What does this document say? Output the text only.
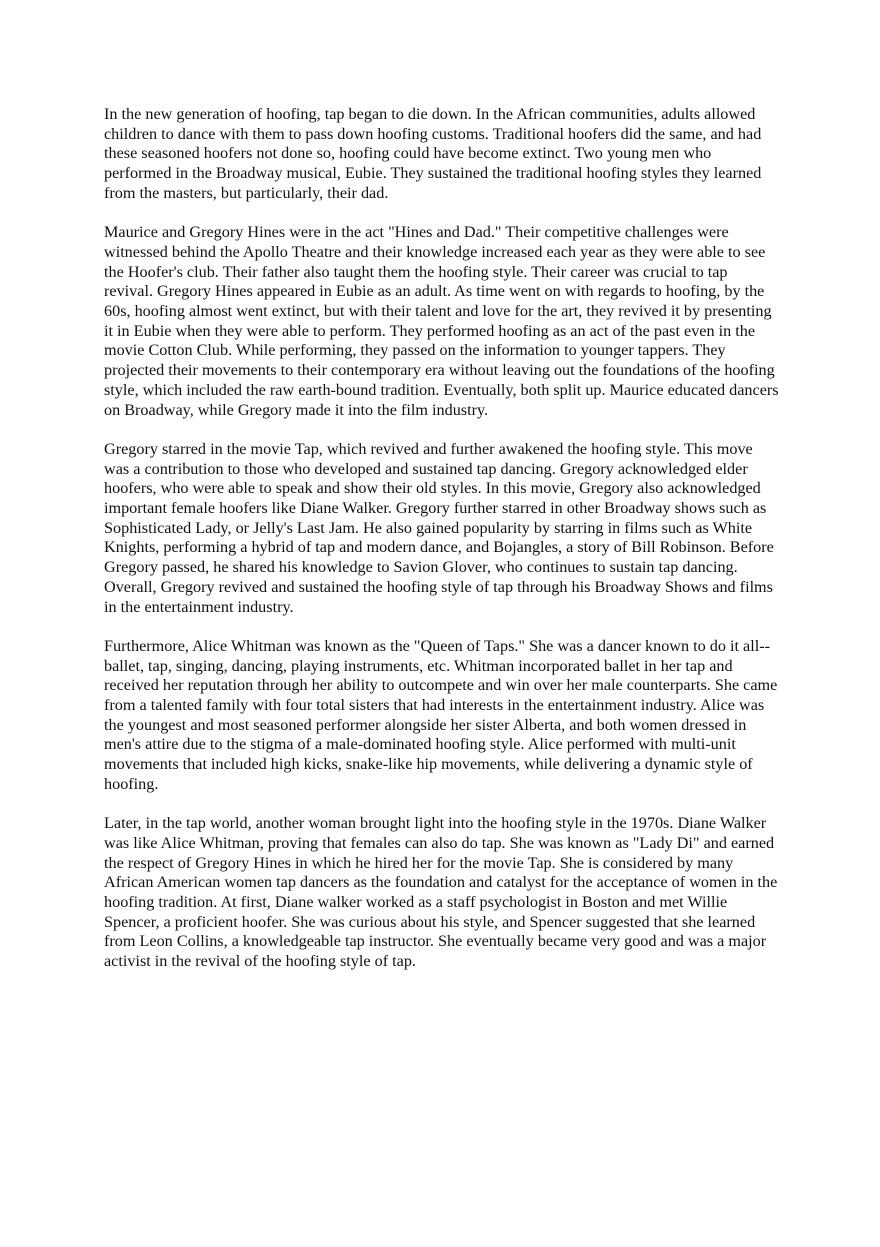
In the new generation of hoofing, tap began to die down. In the African communities, adults allowed children to dance with them to pass down hoofing customs. Traditional hoofers did the same, and had these seasoned hoofers not done so, hoofing could have become extinct. Two young men who performed in the Broadway musical, Eubie. They sustained the traditional hoofing styles they learned from the masters, but particularly, their dad.

Maurice and Gregory Hines were in the act "Hines and Dad." Their competitive challenges were witnessed behind the Apollo Theatre and their knowledge increased each year as they were able to see the Hoofer's club. Their father also taught them the hoofing style. Their career was crucial to tap revival. Gregory Hines appeared in Eubie as an adult. As time went on with regards to hoofing, by the 60s, hoofing almost went extinct, but with their talent and love for the art, they revived it by presenting it in Eubie when they were able to perform. They performed hoofing as an act of the past even in the movie Cotton Club. While performing, they passed on the information to younger tappers. They projected their movements to their contemporary era without leaving out the foundations of the hoofing style, which included the raw earth-bound tradition. Eventually, both split up. Maurice educated dancers on Broadway, while Gregory made it into the film industry.

Gregory starred in the movie Tap, which revived and further awakened the hoofing style. This move was a contribution to those who developed and sustained tap dancing. Gregory acknowledged elder hoofers, who were able to speak and show their old styles. In this movie, Gregory also acknowledged important female hoofers like Diane Walker. Gregory further starred in other Broadway shows such as Sophisticated Lady, or Jelly's Last Jam. He also gained popularity by starring in films such as White Knights, performing a hybrid of tap and modern dance, and Bojangles, a story of Bill Robinson. Before Gregory passed, he shared his knowledge to Savion Glover, who continues to sustain tap dancing. Overall, Gregory revived and sustained the hoofing style of tap through his Broadway Shows and films in the entertainment industry.

Furthermore, Alice Whitman was known as the "Queen of Taps." She was a dancer known to do it all--ballet, tap, singing, dancing, playing instruments, etc. Whitman incorporated ballet in her tap and received her reputation through her ability to outcompete and win over her male counterparts. She came from a talented family with four total sisters that had interests in the entertainment industry. Alice was the youngest and most seasoned performer alongside her sister Alberta, and both women dressed in men's attire due to the stigma of a male-dominated hoofing style. Alice performed with multi-unit movements that included high kicks, snake-like hip movements, while delivering a dynamic style of hoofing.

Later, in the tap world, another woman brought light into the hoofing style in the 1970s. Diane Walker was like Alice Whitman, proving that females can also do tap. She was known as "Lady Di" and earned the respect of Gregory Hines in which he hired her for the movie Tap. She is considered by many African American women tap dancers as the foundation and catalyst for the acceptance of women in the hoofing tradition. At first, Diane walker worked as a staff psychologist in Boston and met Willie Spencer, a proficient hoofer. She was curious about his style, and Spencer suggested that she learned from Leon Collins, a knowledgeable tap instructor. She eventually became very good and was a major activist in the revival of the hoofing style of tap.
